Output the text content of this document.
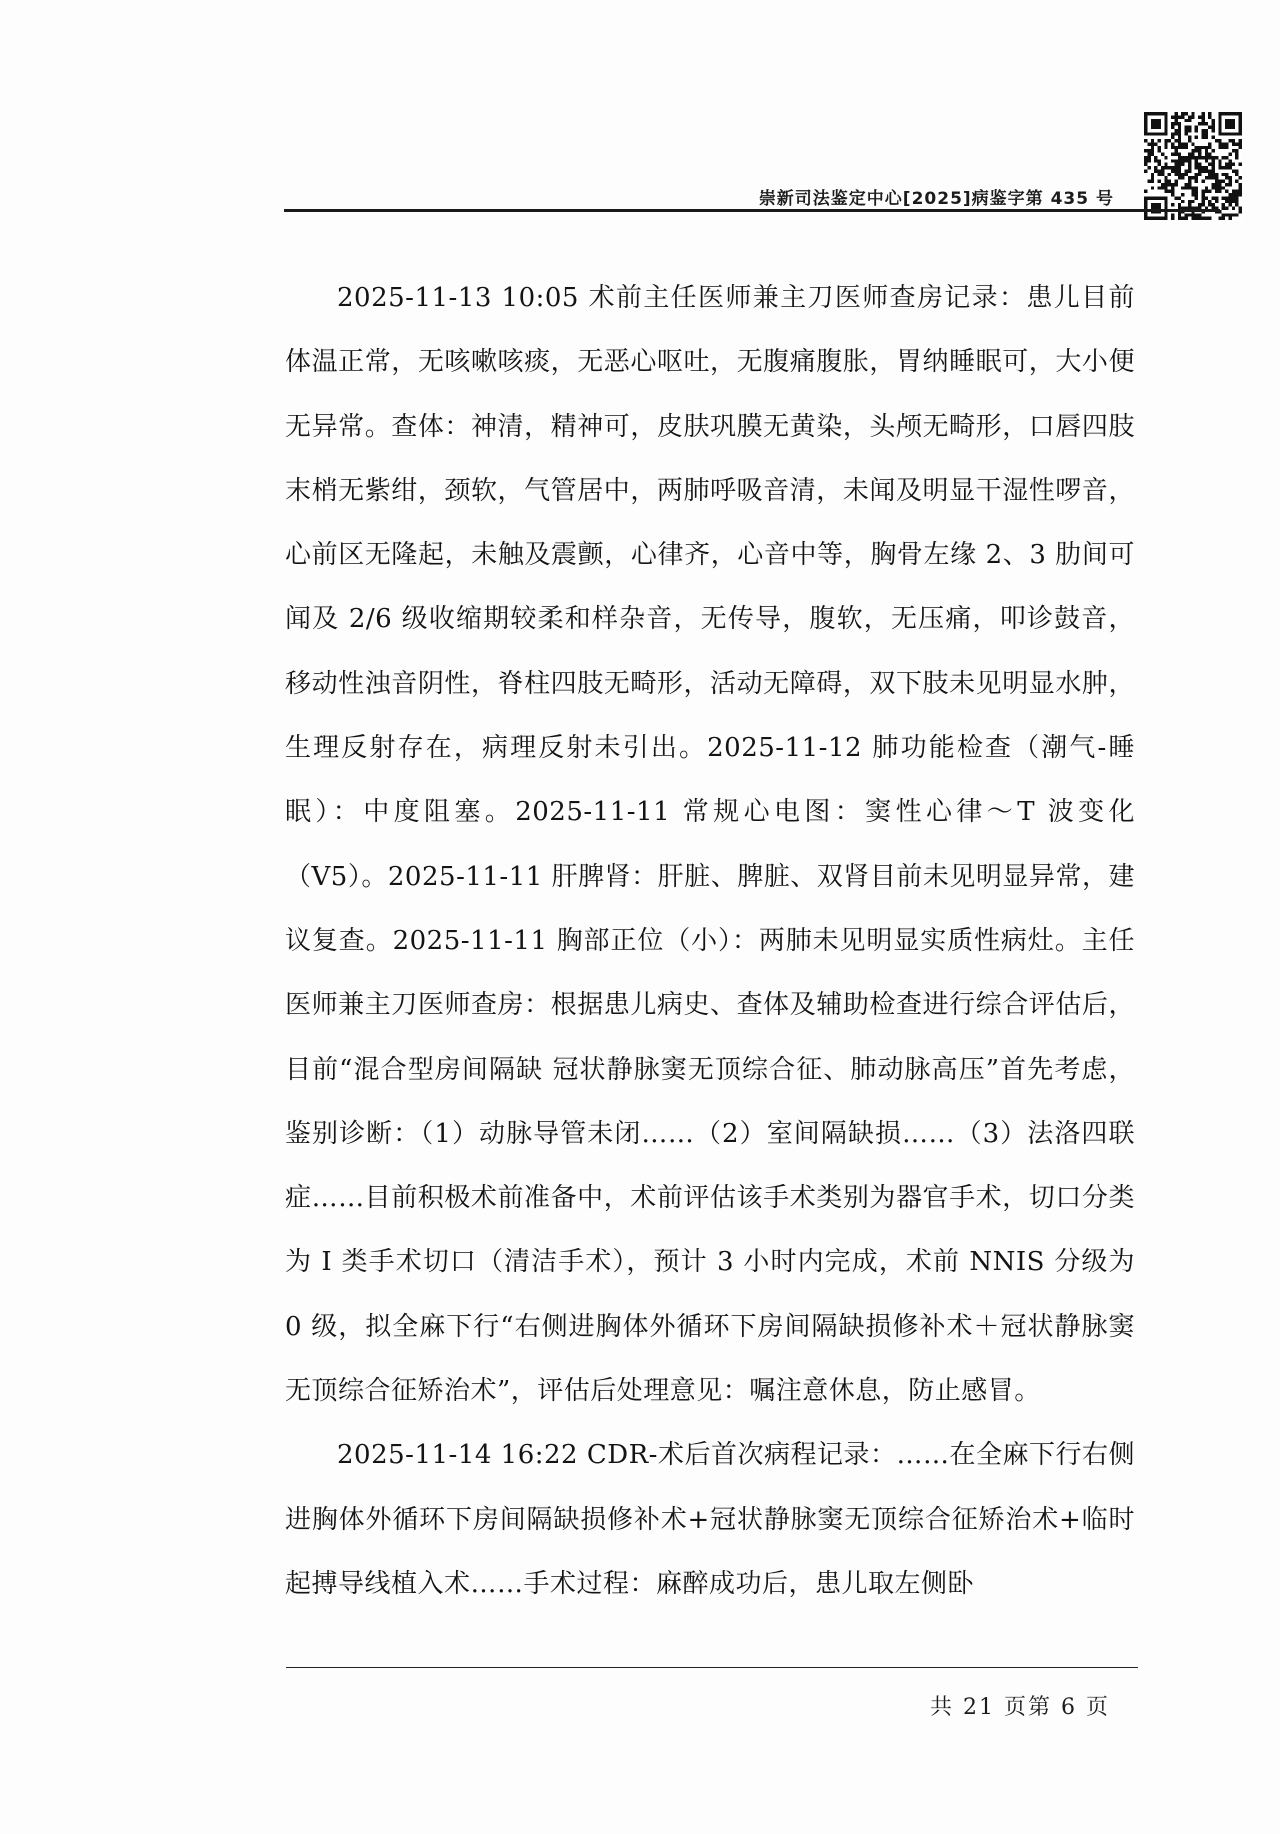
崇新司法鉴定中心[2025]病鉴字第 435 号

2025-11-13 10:05 术前主任医师兼主刀医师查房记录：患儿目前体温正常，无咳嗽咳痰，无恶心呕吐，无腹痛腹胀，胃纳睡眠可，大小便无异常。查体：神清，精神可，皮肤巩膜无黄染，头颅无畸形，口唇四肢末梢无紫绀，颈软，气管居中，两肺呼吸音清，未闻及明显干湿性啰音，心前区无隆起，未触及震颤，心律齐，心音中等，胸骨左缘 2、3 肋间可闻及 2/6 级收缩期较柔和样杂音，无传导，腹软，无压痛，叩诊鼓音，移动性浊音阴性，脊柱四肢无畸形，活动无障碍，双下肢未见明显水肿，生理反射存在，病理反射未引出。2025-11-12 肺功能检查（潮气-睡眠）：中度阻塞。2025-11-11 常规心电图：窦性心律～T 波变化（V5）。2025-11-11 肝脾肾：肝脏、脾脏、双肾目前未见明显异常，建议复查。2025-11-11 胸部正位（小）：两肺未见明显实质性病灶。主任医师兼主刀医师查房：根据患儿病史、查体及辅助检查进行综合评估后，目前“混合型房间隔缺 冠状静脉窦无顶综合征、肺动脉高压”首先考虑，鉴别诊断：（1）动脉导管未闭……（2）室间隔缺损……（3）法洛四联症……目前积极术前准备中，术前评估该手术类别为器官手术，切口分类为 I 类手术切口（清洁手术），预计 3 小时内完成，术前 NNIS 分级为 0 级，拟全麻下行“右侧进胸体外循环下房间隔缺损修补术＋冠状静脉窦无顶综合征矫治术”，评估后处理意见：嘱注意休息，防止感冒。

2025-11-14 16:22 CDR-术后首次病程记录：……在全麻下行右侧进胸体外循环下房间隔缺损修补术+冠状静脉窦无顶综合征矫治术+临时起搏导线植入术……手术过程：麻醉成功后，患儿取左侧卧

共 21 页第 6 页
